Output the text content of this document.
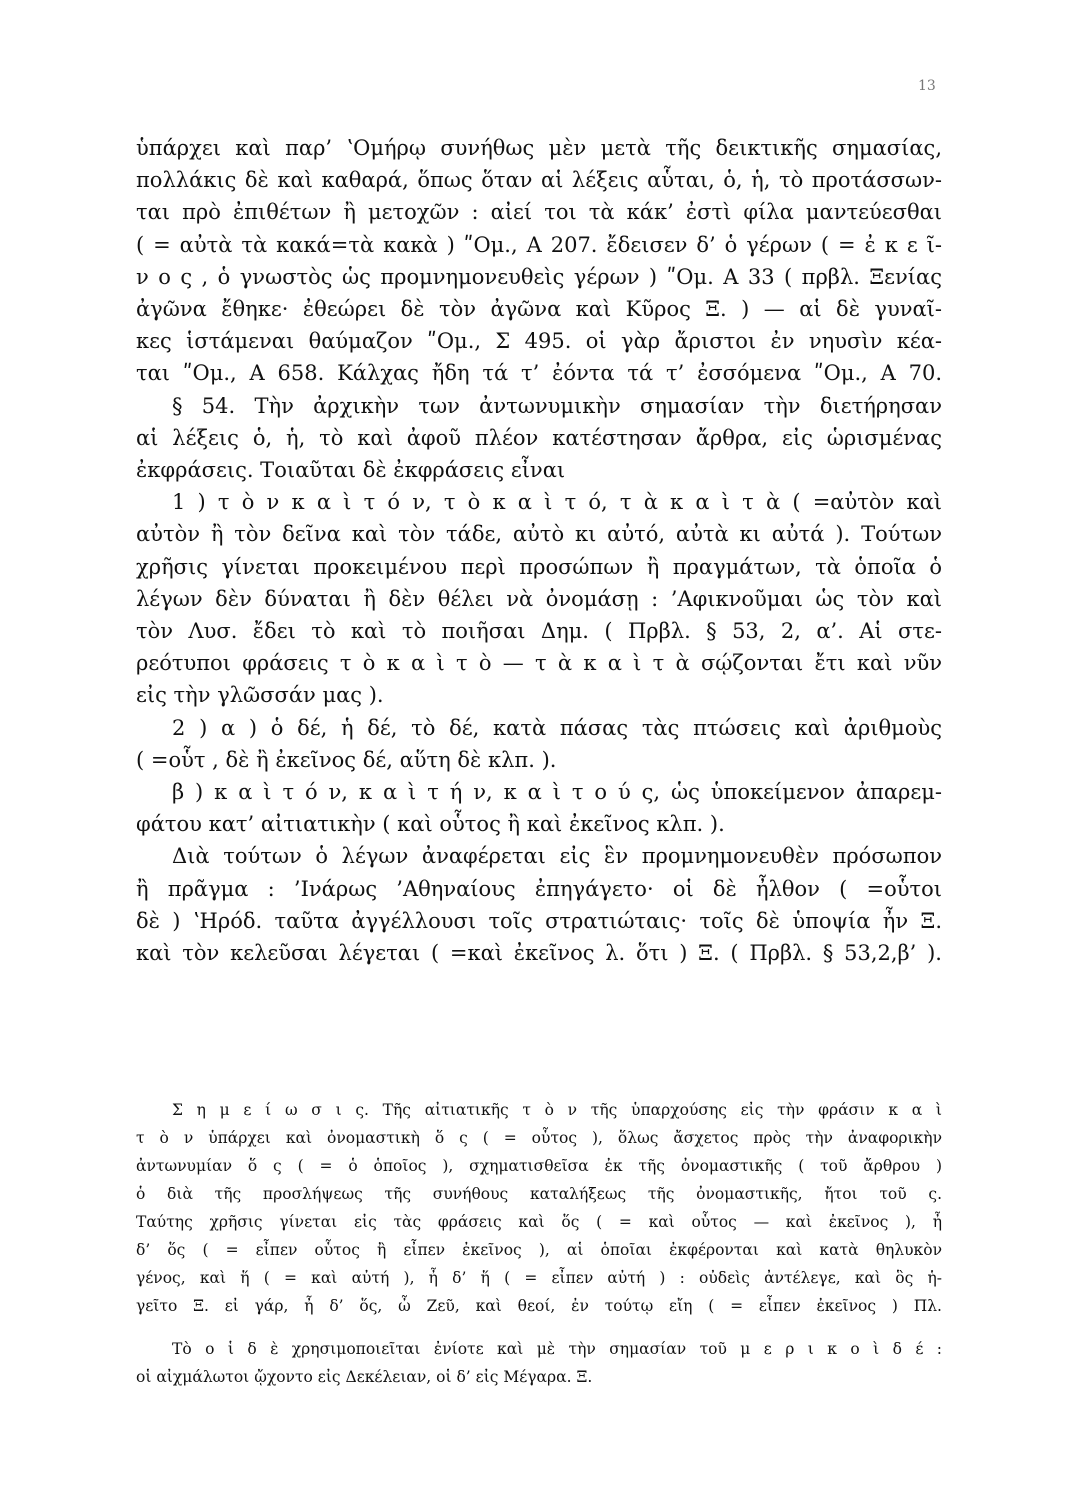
13

ὑπάρχει καὶ παρ’ ʽΟμήρῳ συνήθως μὲν μετὰ τῆς δεικτικῆς σημασίας,
πολλάκις δὲ καὶ καθαρά, ὅπως ὅταν αἱ λέξεις αὗται, ὁ, ἡ, τὸ προτάσσων-
ται πρὸ ἐπιθέτων ἢ μετοχῶν : αἰεί τοι τὰ κάκ’ ἐστὶ φίλα μαντεύεσθαι
( = αὐτὰ τὰ κακά=τὰ κακὰ ) ʺΟμ., Α 207. ἔδεισεν δ’ ὁ γέρων ( = ἐ κ ε ῖ-
ν ο ς , ὁ γνωστὸς ὡς προμνημονευθεὶς γέρων ) ʺΟμ. Α 33 ( πρβλ. Ξενίας
ἀγῶνα ἔθηκε· ἐθεώρει δὲ τὸν ἀγῶνα καὶ Κῦρος Ξ. ) — αἱ δὲ γυναῖ-
κες ἱστάμεναι θαύμαζον ʺΟμ., Σ 495. οἱ γὰρ ἄριστοι ἐν νηυσὶν κέα-
ται ʺΟμ., Α 658. Κάλχας ἤδη τά τ’ ἐόντα τά τ’ ἐσσόμενα ʺΟμ., Α 70.

§ 54. Τὴν ἀρχικὴν των ἀντωνυμικὴν σημασίαν τὴν διετήρησαν
αἱ λέξεις ὁ, ἡ, τὸ καὶ ἀφοῦ πλέον κατέστησαν ἄρθρα, εἰς ὡρισμένας
ἐκφράσεις. Τοιαῦται δὲ ἐκφράσεις εἶναι

1 ) τ ὸ ν κ α ὶ τ ό ν, τ ὸ κ α ὶ τ ό, τ ὰ κ α ὶ τ ὰ ( =αὐτὸν καὶ
αὐτὸν ἢ τὸν δεῖνα καὶ τὸν τάδε, αὐτὸ κι αὐτό, αὐτὰ κι αὐτά ). Τούτων
χρῆσις γίνεται προκειμένου περὶ προσώπων ἢ πραγμάτων, τὰ ὁποῖα ὁ
λέγων δὲν δύναται ἢ δὲν θέλει νὰ ὀνομάσῃ : ’Αφικνοῦμαι ὡς τὸν καὶ
τὸν Λυσ. ἔδει τὸ καὶ τὸ ποιῆσαι Δημ. ( Πρβλ. § 53, 2, α’. Αἱ στε-
ρεότυποι φράσεις τ ὸ κ α ὶ τ ὸ — τ ὰ κ α ὶ τ ὰ σῴζονται ἔτι καὶ νῦν
εἰς τὴν γλῶσσάν μας ).

2 ) α ) ὁ δέ, ἡ δέ, τὸ δέ, κατὰ πάσας τὰς πτώσεις καὶ ἀριθμοὺς
( =οὗτ , δὲ ἢ ἐκεῖνος δέ, αὕτη δὲ κλπ. ).

β ) κ α ὶ τ ό ν, κ α ὶ τ ή ν, κ α ὶ τ ο ύ ς, ὡς ὑποκείμενον ἀπαρεμ-
φάτου κατ’ αἰτιατικὴν ( καὶ οὗτος ἢ καὶ ἐκεῖνος κλπ. ).

Διὰ τούτων ὁ λέγων ἀναφέρεται εἰς ἓν προμνημονευθὲν πρόσωπον
ἢ πρᾶγμα : ’Ινάρως ’Αθηναίους ἐπηγάγετο· οἱ δὲ ἦλθον ( =οὗτοι
δὲ ) ʽΗρόδ. ταῦτα ἀγγέλλουσι τοῖς στρατιώταις· τοῖς δὲ ὑποψία ἦν Ξ.
καὶ τὸν κελεῦσαι λέγεται ( =καὶ ἐκεῖνος λ. ὅτι ) Ξ. ( Πρβλ. § 53,2,β’ ).

Σ η μ ε ί ω σ ι ς. Τῆς αἰτιατικῆς τ ὸ ν τῆς ὑπαρχούσης εἰς τὴν φράσιν κ α ὶ
τ ὸ ν ὑπάρχει καὶ ὀνομαστικὴ ὅ ς ( = οὗτος ), ὅλως ἄσχετος πρὸς τὴν ἀναφορικὴν
ἀντωνυμίαν ὅ ς ( = ὁ ὁποῖος ), σχηματισθεῖσα ἐκ τῆς ὀνομαστικῆς ( τοῦ ἄρθρου )
ὁ διὰ τῆς προσλήψεως τῆς συνήθους καταλήξεως τῆς ὀνομαστικῆς, ἤτοι τοῦ ς.
Ταύτης χρῆσις γίνεται εἰς τὰς φράσεις καὶ ὅς ( = καὶ οὗτος — καὶ ἐκεῖνος ), ἦ
δ’ ὅς ( = εἶπεν οὗτος ἢ εἶπεν ἐκεῖνος ), αἱ ὁποῖαι ἐκφέρονται καὶ κατὰ θηλυκὸν
γένος, καὶ ἥ ( = καὶ αὐτή ), ἦ δ’ ἥ ( = εἶπεν αὐτή ) : οὐδεὶς ἀντέλεγε, καὶ ὃς ἡ-
γεῖτο Ξ. εἰ γάρ, ἦ δ’ ὅς, ὦ Ζεῦ, καὶ θεοί, ἐν τούτῳ εἴη ( = εἶπεν ἐκεῖνος ) Πλ.

Τὸ ο ἱ δ ὲ χρησιμοποιεῖται ἐνίοτε καὶ μὲ τὴν σημασίαν τοῦ μ ε ρ ι κ ο ὶ δ έ :
οἱ αἰχμάλωτοι ᾤχοντο εἰς Δεκέλειαν, οἱ δ’ εἰς Μέγαρα. Ξ.
